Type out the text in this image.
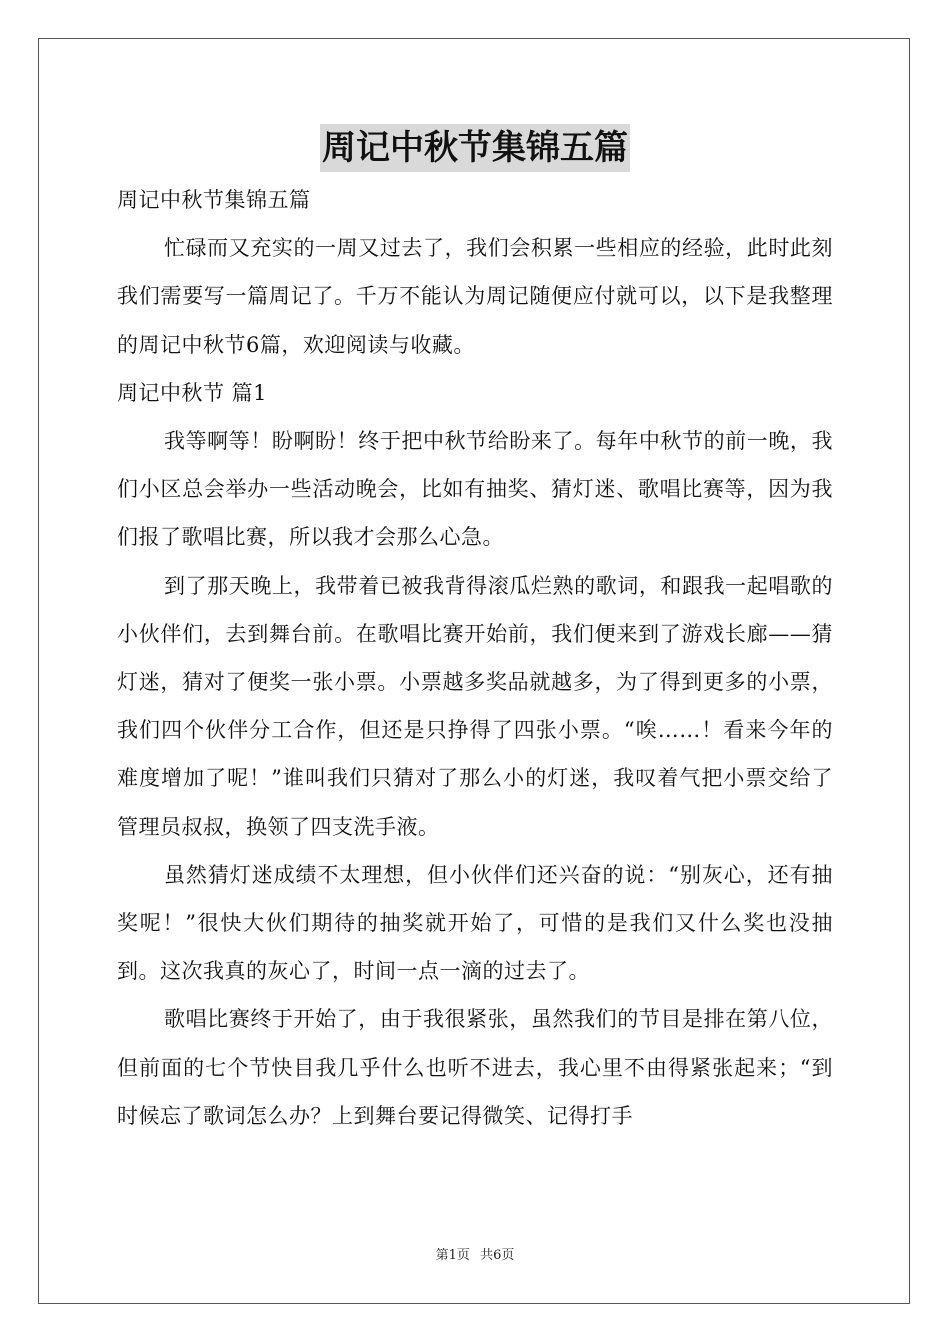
周记中秋节集锦五篇

周记中秋节集锦五篇

忙碌而又充实的一周又过去了，我们会积累一些相应的经验，此时此刻我们需要写一篇周记了。千万不能认为周记随便应付就可以，以下是我整理的周记中秋节6篇，欢迎阅读与收藏。

周记中秋节 篇1

我等啊等！盼啊盼！终于把中秋节给盼来了。每年中秋节的前一晚，我们小区总会举办一些活动晚会，比如有抽奖、猜灯迷、歌唱比赛等，因为我们报了歌唱比赛，所以我才会那么心急。

到了那天晚上，我带着已被我背得滚瓜烂熟的歌词，和跟我一起唱歌的小伙伴们，去到舞台前。在歌唱比赛开始前，我们便来到了游戏长廊——猜灯迷，猜对了便奖一张小票。小票越多奖品就越多，为了得到更多的小票，我们四个伙伴分工合作，但还是只挣得了四张小票。“唉……！看来今年的难度增加了呢！”谁叫我们只猜对了那么小的灯迷，我叹着气把小票交给了管理员叔叔，换领了四支洗手液。

虽然猜灯迷成绩不太理想，但小伙伴们还兴奋的说：“别灰心，还有抽奖呢！”很快大伙们期待的抽奖就开始了，可惜的是我们又什么奖也没抽到。这次我真的灰心了，时间一点一滴的过去了。

歌唱比赛终于开始了，由于我很紧张，虽然我们的节目是排在第八位，但前面的七个节快目我几乎什么也听不进去，我心里不由得紧张起来；“到时候忘了歌词怎么办？上到舞台要记得微笑、记得打手

第1页 共6页
